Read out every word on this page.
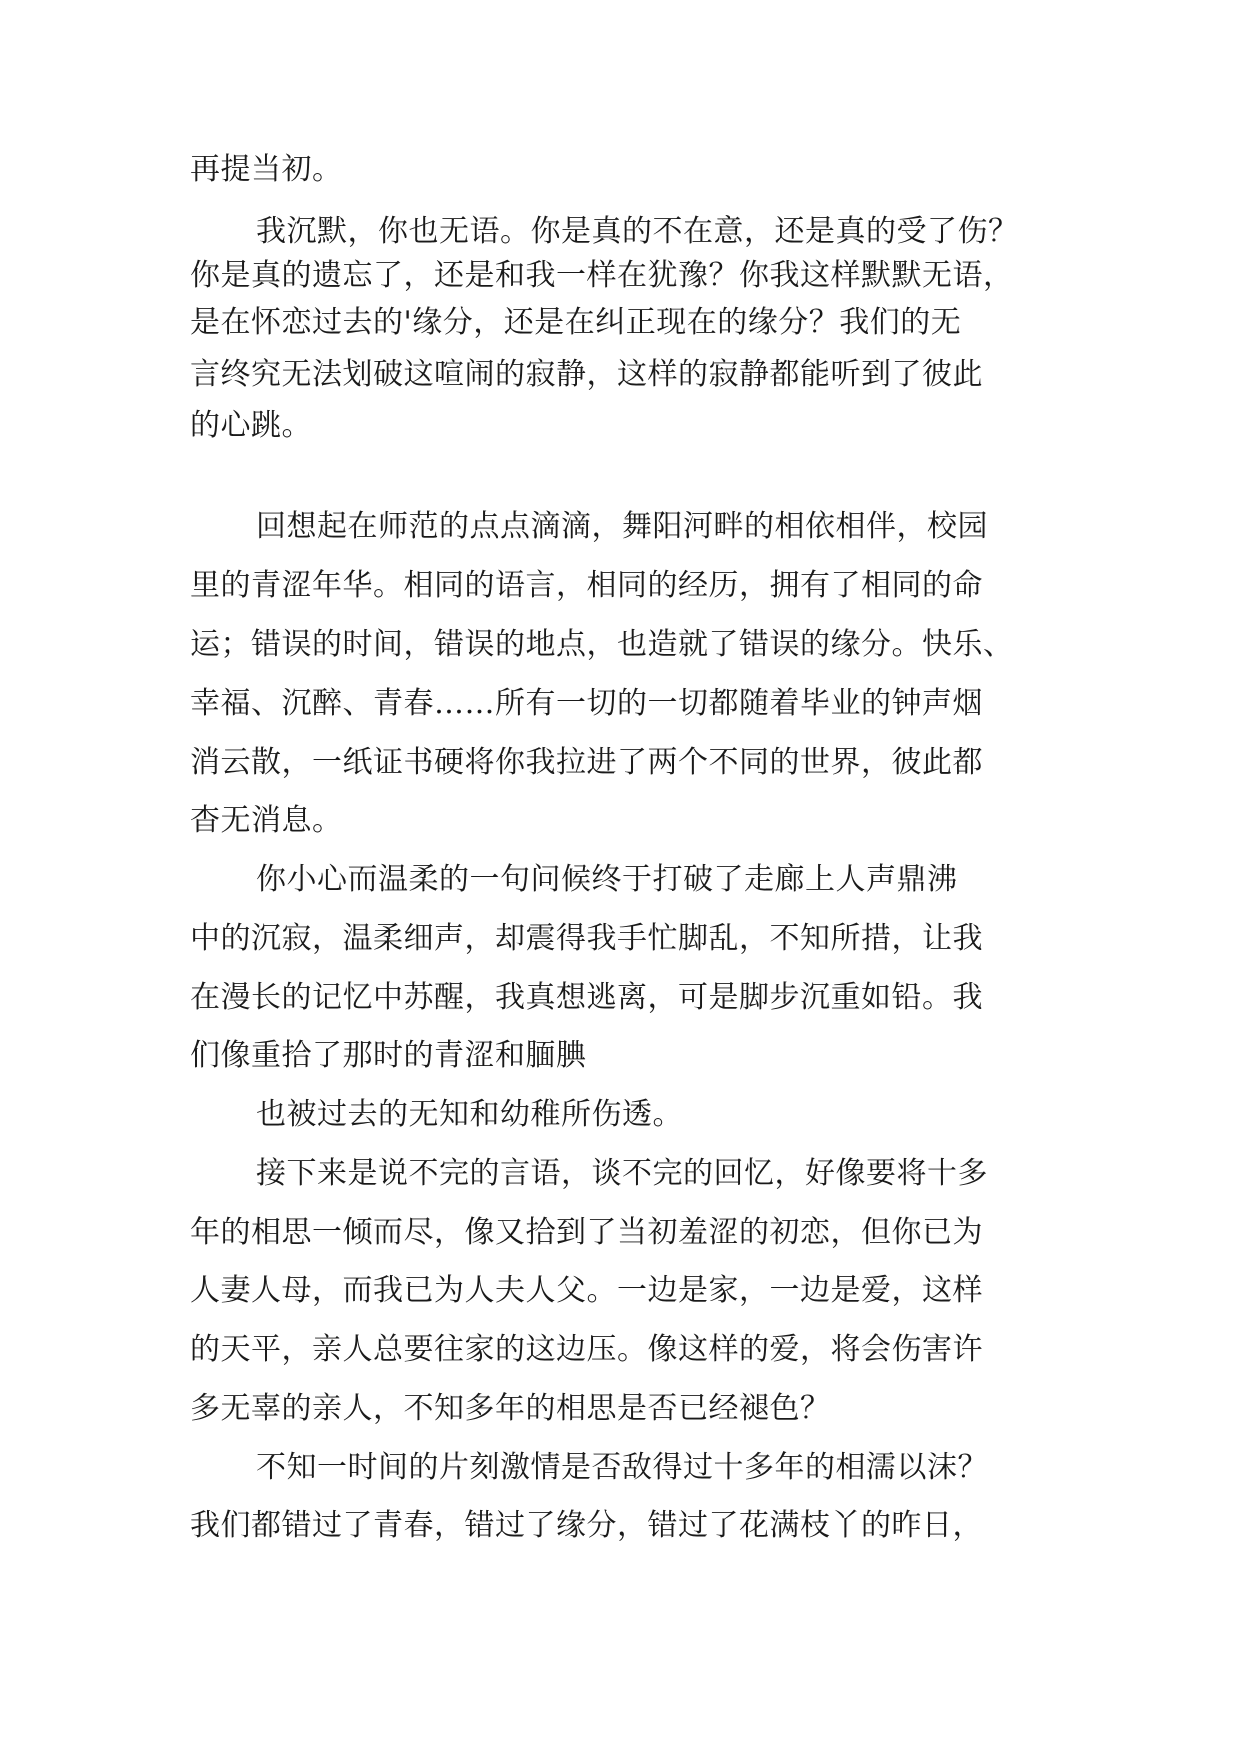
再提当初。
我沉默，你也无语。你是真的不在意，还是真的受了伤？
你是真的遗忘了，还是和我一样在犹豫？你我这样默默无语，
是在怀恋过去的'缘分，还是在纠正现在的缘分？我们的无
言终究无法划破这喧闹的寂静，这样的寂静都能听到了彼此
的心跳。
回想起在师范的点点滴滴，舞阳河畔的相依相伴，校园
里的青涩年华。相同的语言，相同的经历，拥有了相同的命
运；错误的时间，错误的地点，也造就了错误的缘分。快乐、
幸福、沉醉、青春……所有一切的一切都随着毕业的钟声烟
消云散，一纸证书硬将你我拉进了两个不同的世界，彼此都
杳无消息。
你小心而温柔的一句问候终于打破了走廊上人声鼎沸
中的沉寂，温柔细声，却震得我手忙脚乱，不知所措，让我
在漫长的记忆中苏醒，我真想逃离，可是脚步沉重如铅。我
们像重拾了那时的青涩和腼腆
也被过去的无知和幼稚所伤透。
接下来是说不完的言语，谈不完的回忆，好像要将十多
年的相思一倾而尽，像又拾到了当初羞涩的初恋，但你已为
人妻人母，而我已为人夫人父。一边是家，一边是爱，这样
的天平，亲人总要往家的这边压。像这样的爱，将会伤害许
多无辜的亲人，不知多年的相思是否已经褪色？
不知一时间的片刻激情是否敌得过十多年的相濡以沫？
我们都错过了青春，错过了缘分，错过了花满枝丫的昨日，
